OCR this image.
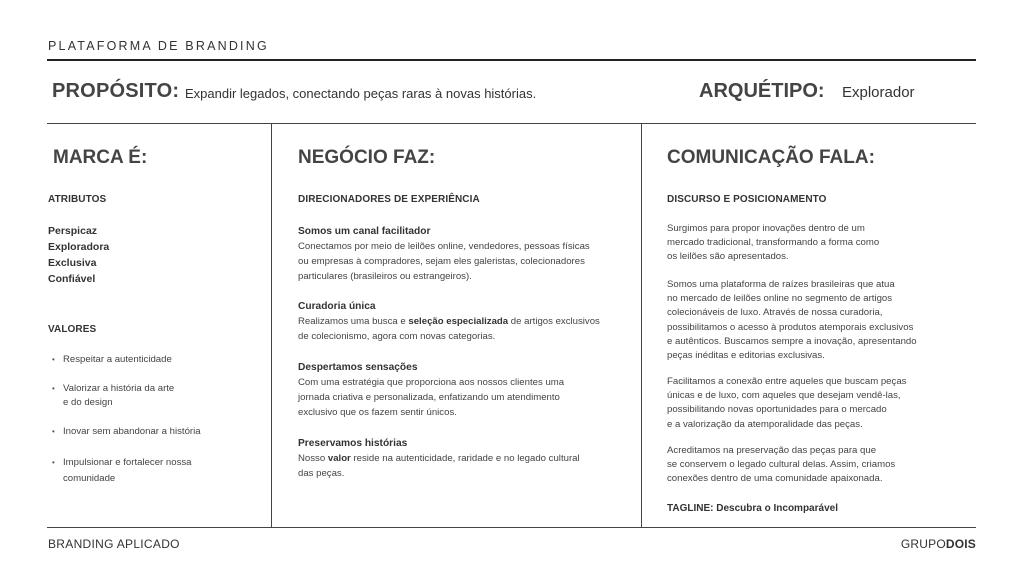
PLATAFORMA DE BRANDING
PROPÓSITO: Expandir legados, conectando peças raras à novas histórias.	ARQUÉTIPO: Explorador
MARCA É:
ATRIBUTOS
Perspicaz
Exploradora
Exclusiva
Confiável
VALORES
• Respeitar a autenticidade
• Valorizar a história da arte
e do design
• Inovar sem abandonar a história
• Impulsionar e fortalecer nossa
comunidade
NEGÓCIO FAZ:
DIRECIONADORES DE EXPERIÊNCIA
Somos um canal facilitador
Conectamos por meio de leilões online, vendedores, pessoas físicas
ou empresas à compradores, sejam eles galeristas, colecionadores
particulares (brasileiros ou estrangeiros).
Curadoria única
Realizamos uma busca e seleção especializada de artigos exclusivos
de colecionismo, agora com novas categorias.
Despertamos sensações
Com uma estratégia que proporciona aos nossos clientes uma
jornada criativa e personalizada, enfatizando um atendimento
exclusivo que os fazem sentir únicos.
Preservamos histórias
Nosso valor reside na autenticidade, raridade e no legado cultural
das peças.
COMUNICAÇÃO FALA:
DISCURSO E POSICIONAMENTO
Surgimos para propor inovações dentro de um
mercado tradicional, transformando a forma como
os leilões são apresentados.
Somos uma plataforma de raízes brasileiras que atua
no mercado de leilões online no segmento de artigos
colecionáveis de luxo. Através de nossa curadoria,
possibilitamos o acesso à produtos atemporais exclusivos
e autênticos. Buscamos sempre a inovação, apresentando
peças inéditas e editorias exclusivas.
Facilitamos a conexão entre aqueles que buscam peças
únicas e de luxo, com aqueles que desejam vendê-las,
possibilitando novas oportunidades para o mercado
e a valorização da atemporalidade das peças.
Acreditamos na preservação das peças para que
se conservem o legado cultural delas. Assim, criamos
conexões dentro de uma comunidade apaixonada.
TAGLINE: Descubra o Incomparável
BRANDING APLICADO	GRUPODOIS
